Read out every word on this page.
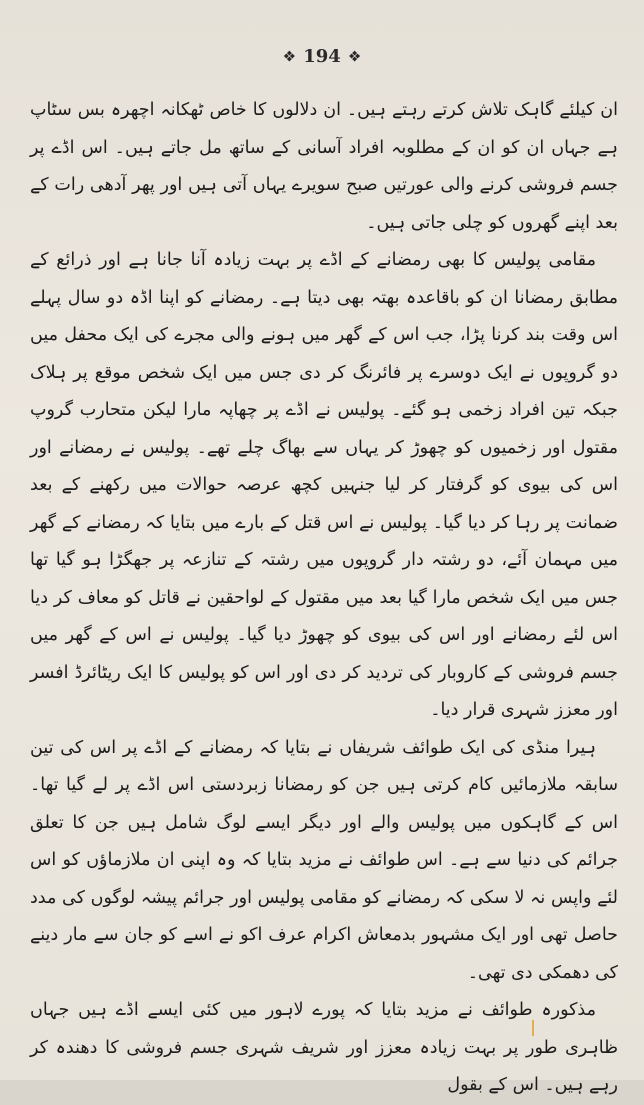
❖ 194 ❖

ان کیلئے گاہک تلاش کرتے رہتے ہیں۔ ان دلالوں کا خاص ٹھکانہ اچھرہ بس سٹاپ ہے جہاں ان کو ان کے مطلوبہ افراد آسانی کے ساتھ مل جاتے ہیں۔ اس اڈے پر جسم فروشی کرنے والی عورتیں صبح سویرے یہاں آتی ہیں اور پھر آدھی رات کے بعد اپنے گھروں کو چلی جاتی ہیں۔

مقامی پولیس کا بھی رمضانے کے اڈے پر بہت زیادہ آنا جانا ہے اور ذرائع کے مطابق رمضانا ان کو باقاعدہ بھتہ بھی دیتا ہے۔ رمضانے کو اپنا اڈہ دو سال پہلے اس وقت بند کرنا پڑا، جب اس کے گھر میں ہونے والی مجرے کی ایک محفل میں دو گروپوں نے ایک دوسرے پر فائرنگ کر دی جس میں ایک شخص موقع پر ہلاک جبکہ تین افراد زخمی ہو گئے۔ پولیس نے اڈے پر چھاپہ مارا لیکن متحارب گروپ مقتول اور زخمیوں کو چھوڑ کر یہاں سے بھاگ چلے تھے۔ پولیس نے رمضانے اور اس کی بیوی کو گرفتار کر لیا جنہیں کچھ عرصہ حوالات میں رکھنے کے بعد ضمانت پر رہا کر دیا گیا۔ پولیس نے اس قتل کے بارے میں بتایا کہ رمضانے کے گھر میں مہمان آئے، دو رشتہ دار گروپوں میں رشتہ کے تنازعہ پر جھگڑا ہو گیا تھا جس میں ایک شخص مارا گیا بعد میں مقتول کے لواحقین نے قاتل کو معاف کر دیا اس لئے رمضانے اور اس کی بیوی کو چھوڑ دیا گیا۔ پولیس نے اس کے گھر میں جسم فروشی کے کاروبار کی تردید کر دی اور اس کو پولیس کا ایک ریٹائرڈ افسر اور معزز شہری قرار دیا۔

ہیرا منڈی کی ایک طوائف شریفاں نے بتایا کہ رمضانے کے اڈے پر اس کی تین سابقہ ملازمائیں کام کرتی ہیں جن کو رمضانا زبردستی اس اڈے پر لے گیا تھا۔ اس کے گاہکوں میں پولیس والے اور دیگر ایسے لوگ شامل ہیں جن کا تعلق جرائم کی دنیا سے ہے۔ اس طوائف نے مزید بتایا کہ وہ اپنی ان ملازماؤں کو اس لئے واپس نہ لا سکی کہ رمضانے کو مقامی پولیس اور جرائم پیشہ لوگوں کی مدد حاصل تھی اور ایک مشہور بدمعاش اکرام عرف اکو نے اسے کو جان سے مار دینے کی دھمکی دی تھی۔

مذکورہ طوائف نے مزید بتایا کہ پورے لاہور میں کئی ایسے اڈے ہیں جہاں ظاہری طور پر بہت زیادہ معزز اور شریف شہری جسم فروشی کا دھندہ کر رہے ہیں۔ اس کے بقول
